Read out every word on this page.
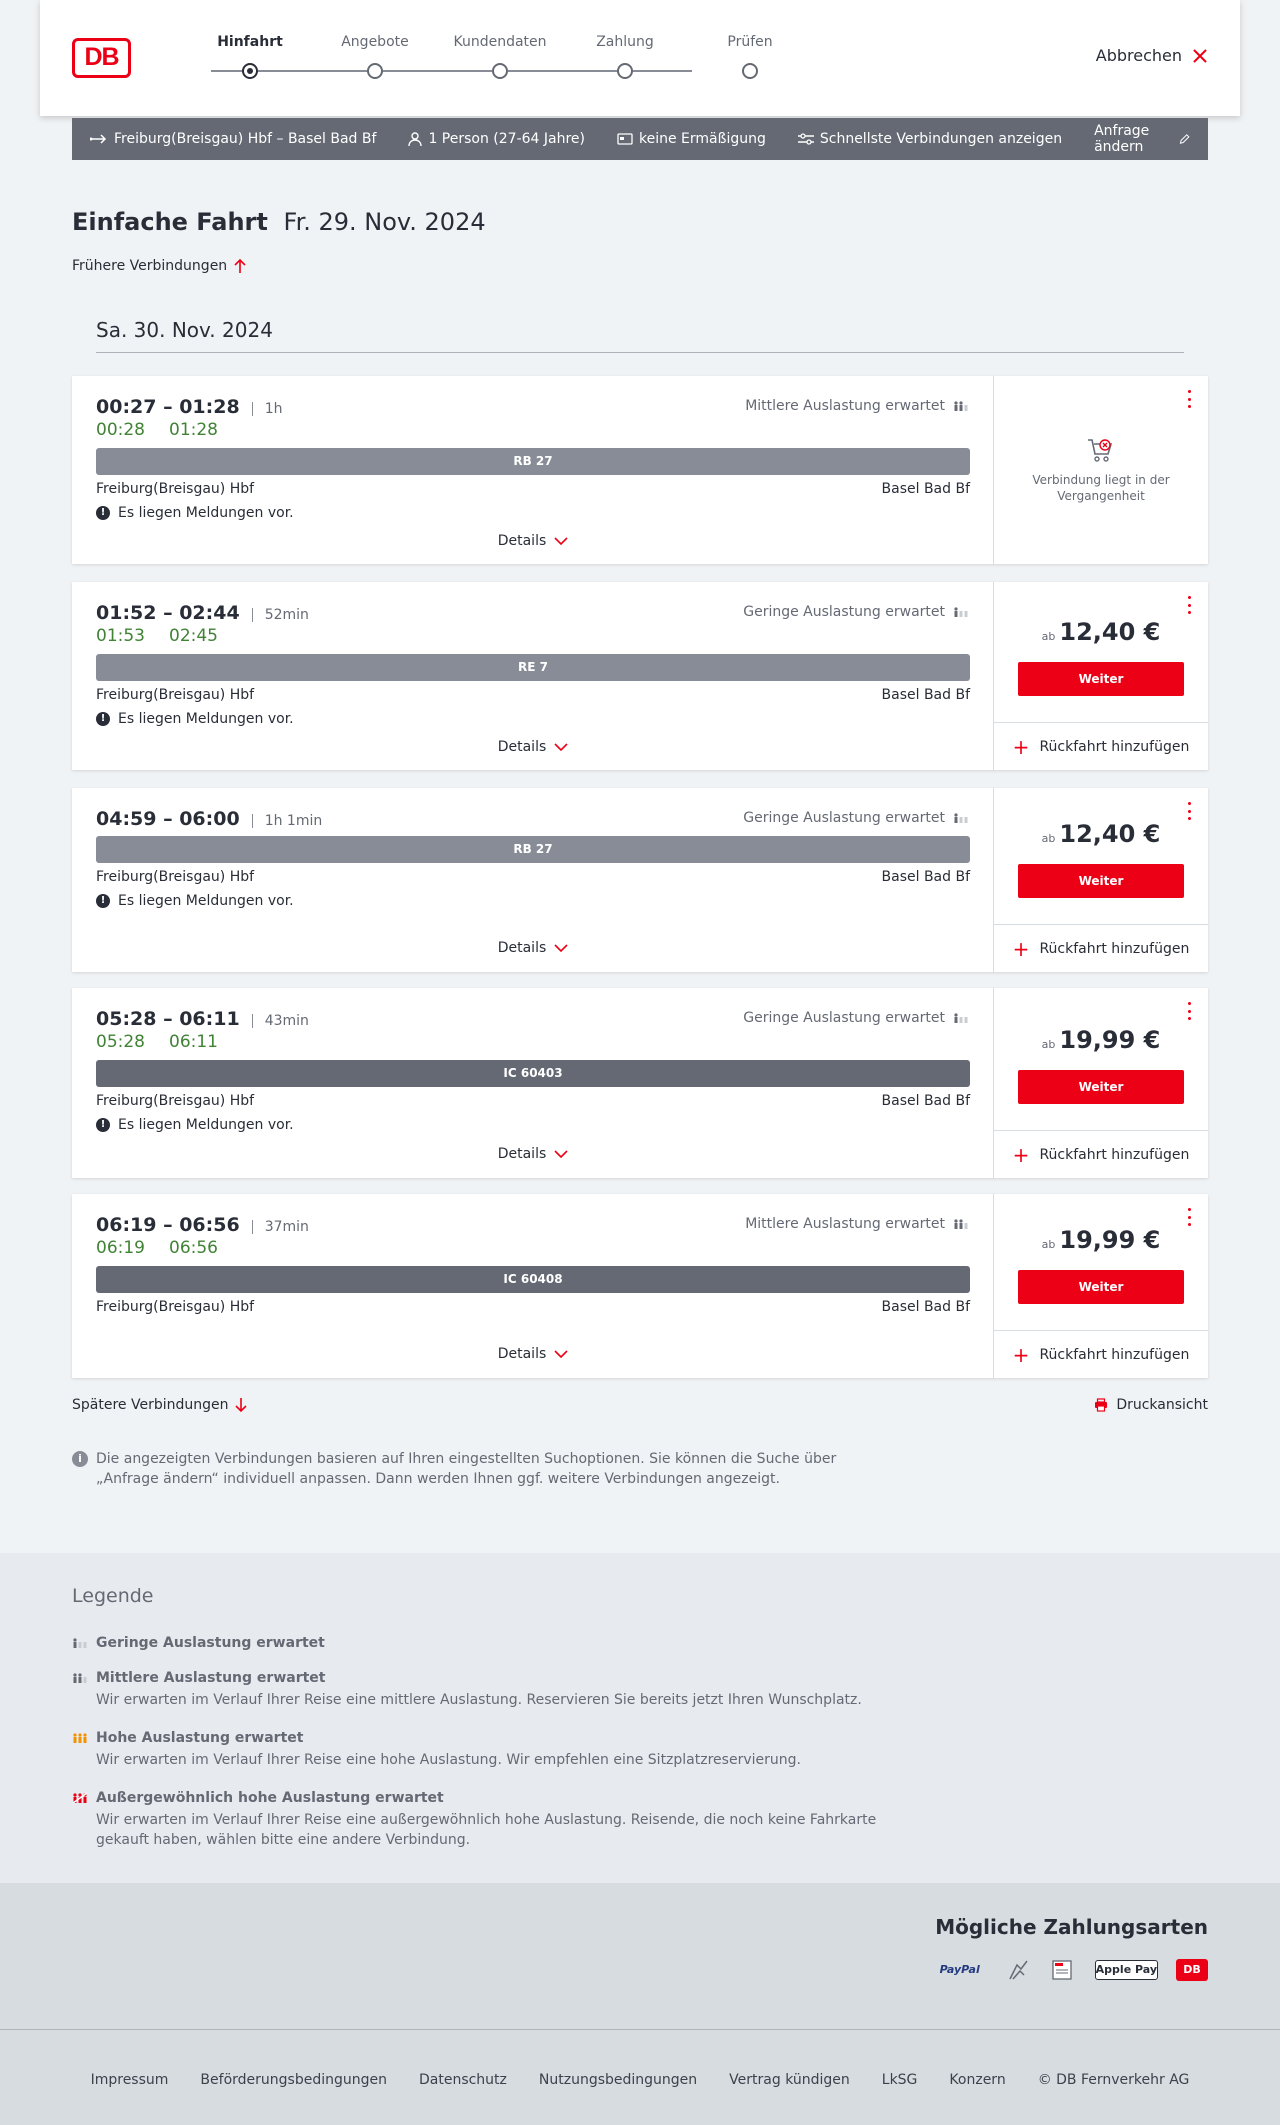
DB
Hinfahrt	Angebote	Kundendaten	Zahlung	Prüfen
Abbrechen
Freiburg(Breisgau) Hbf – Basel Bad Bf	1 Person (27-64 Jahre)	keine Ermäßigung	Schnellste Verbindungen anzeigen Anfrage ändern
Einfache Fahrt Fr. 29. Nov. 2024
Frühere Verbindungen
Sa. 30. Nov. 2024
00:27 – 01:28	1h
00:28 01:28
Mittlere Auslastung erwartet
RB 27
Freiburg(Breisgau) Hbf	Basel Bad Bf
! Es liegen Meldungen vor.
Details
Verbindung liegt in der Vergangenheit
01:52 – 02:44	52min
01:53 02:45
Geringe Auslastung erwartet
RE 7
Freiburg(Breisgau) Hbf	Basel Bad Bf
! Es liegen Meldungen vor.
Details
ab 12,40 €
Weiter
+ Rückfahrt hinzufügen
04:59 – 06:00	1h 1min	Geringe Auslastung erwartet
RB 27
Freiburg(Breisgau) Hbf	Basel Bad Bf
! Es liegen Meldungen vor.
Details
ab 12,40 €
Weiter
+ Rückfahrt hinzufügen
05:28 – 06:11	43min
05:28 06:11
Geringe Auslastung erwartet
IC 60403
Freiburg(Breisgau) Hbf	Basel Bad Bf
! Es liegen Meldungen vor.
Details
ab 19,99 €
Weiter
+ Rückfahrt hinzufügen
06:19 – 06:56	37min
06:19 06:56
Mittlere Auslastung erwartet
IC 60408
Freiburg(Breisgau) Hbf	Basel Bad Bf
Details
ab 19,99 €
Weiter
+ Rückfahrt hinzufügen
Spätere Verbindungen	Druckansicht
i	Die angezeigten Verbindungen basieren auf Ihren eingestellten Suchoptionen. Sie können die Suche über „Anfrage ändern“ individuell anpassen. Dann werden Ihnen ggf. weitere Verbindungen angezeigt.
Legende
Geringe Auslastung erwartet
Mittlere Auslastung erwartet
Wir erwarten im Verlauf Ihrer Reise eine mittlere Auslastung. Reservieren Sie bereits jetzt Ihren Wunschplatz.
Hohe Auslastung erwartet
Wir erwarten im Verlauf Ihrer Reise eine hohe Auslastung. Wir empfehlen eine Sitzplatzreservierung.
Außergewöhnlich hohe Auslastung erwartet
Wir erwarten im Verlauf Ihrer Reise eine außergewöhnlich hohe Auslastung. Reisende, die noch keine Fahrkarte gekauft haben, wählen bitte eine andere Verbindung.
Mögliche Zahlungsarten
PayPal	Apple Pay	DB
Impressum Beförderungsbedingungen Datenschutz Nutzungsbedingungen Vertrag kündigen LkSG Konzern © DB Fernverkehr AG
